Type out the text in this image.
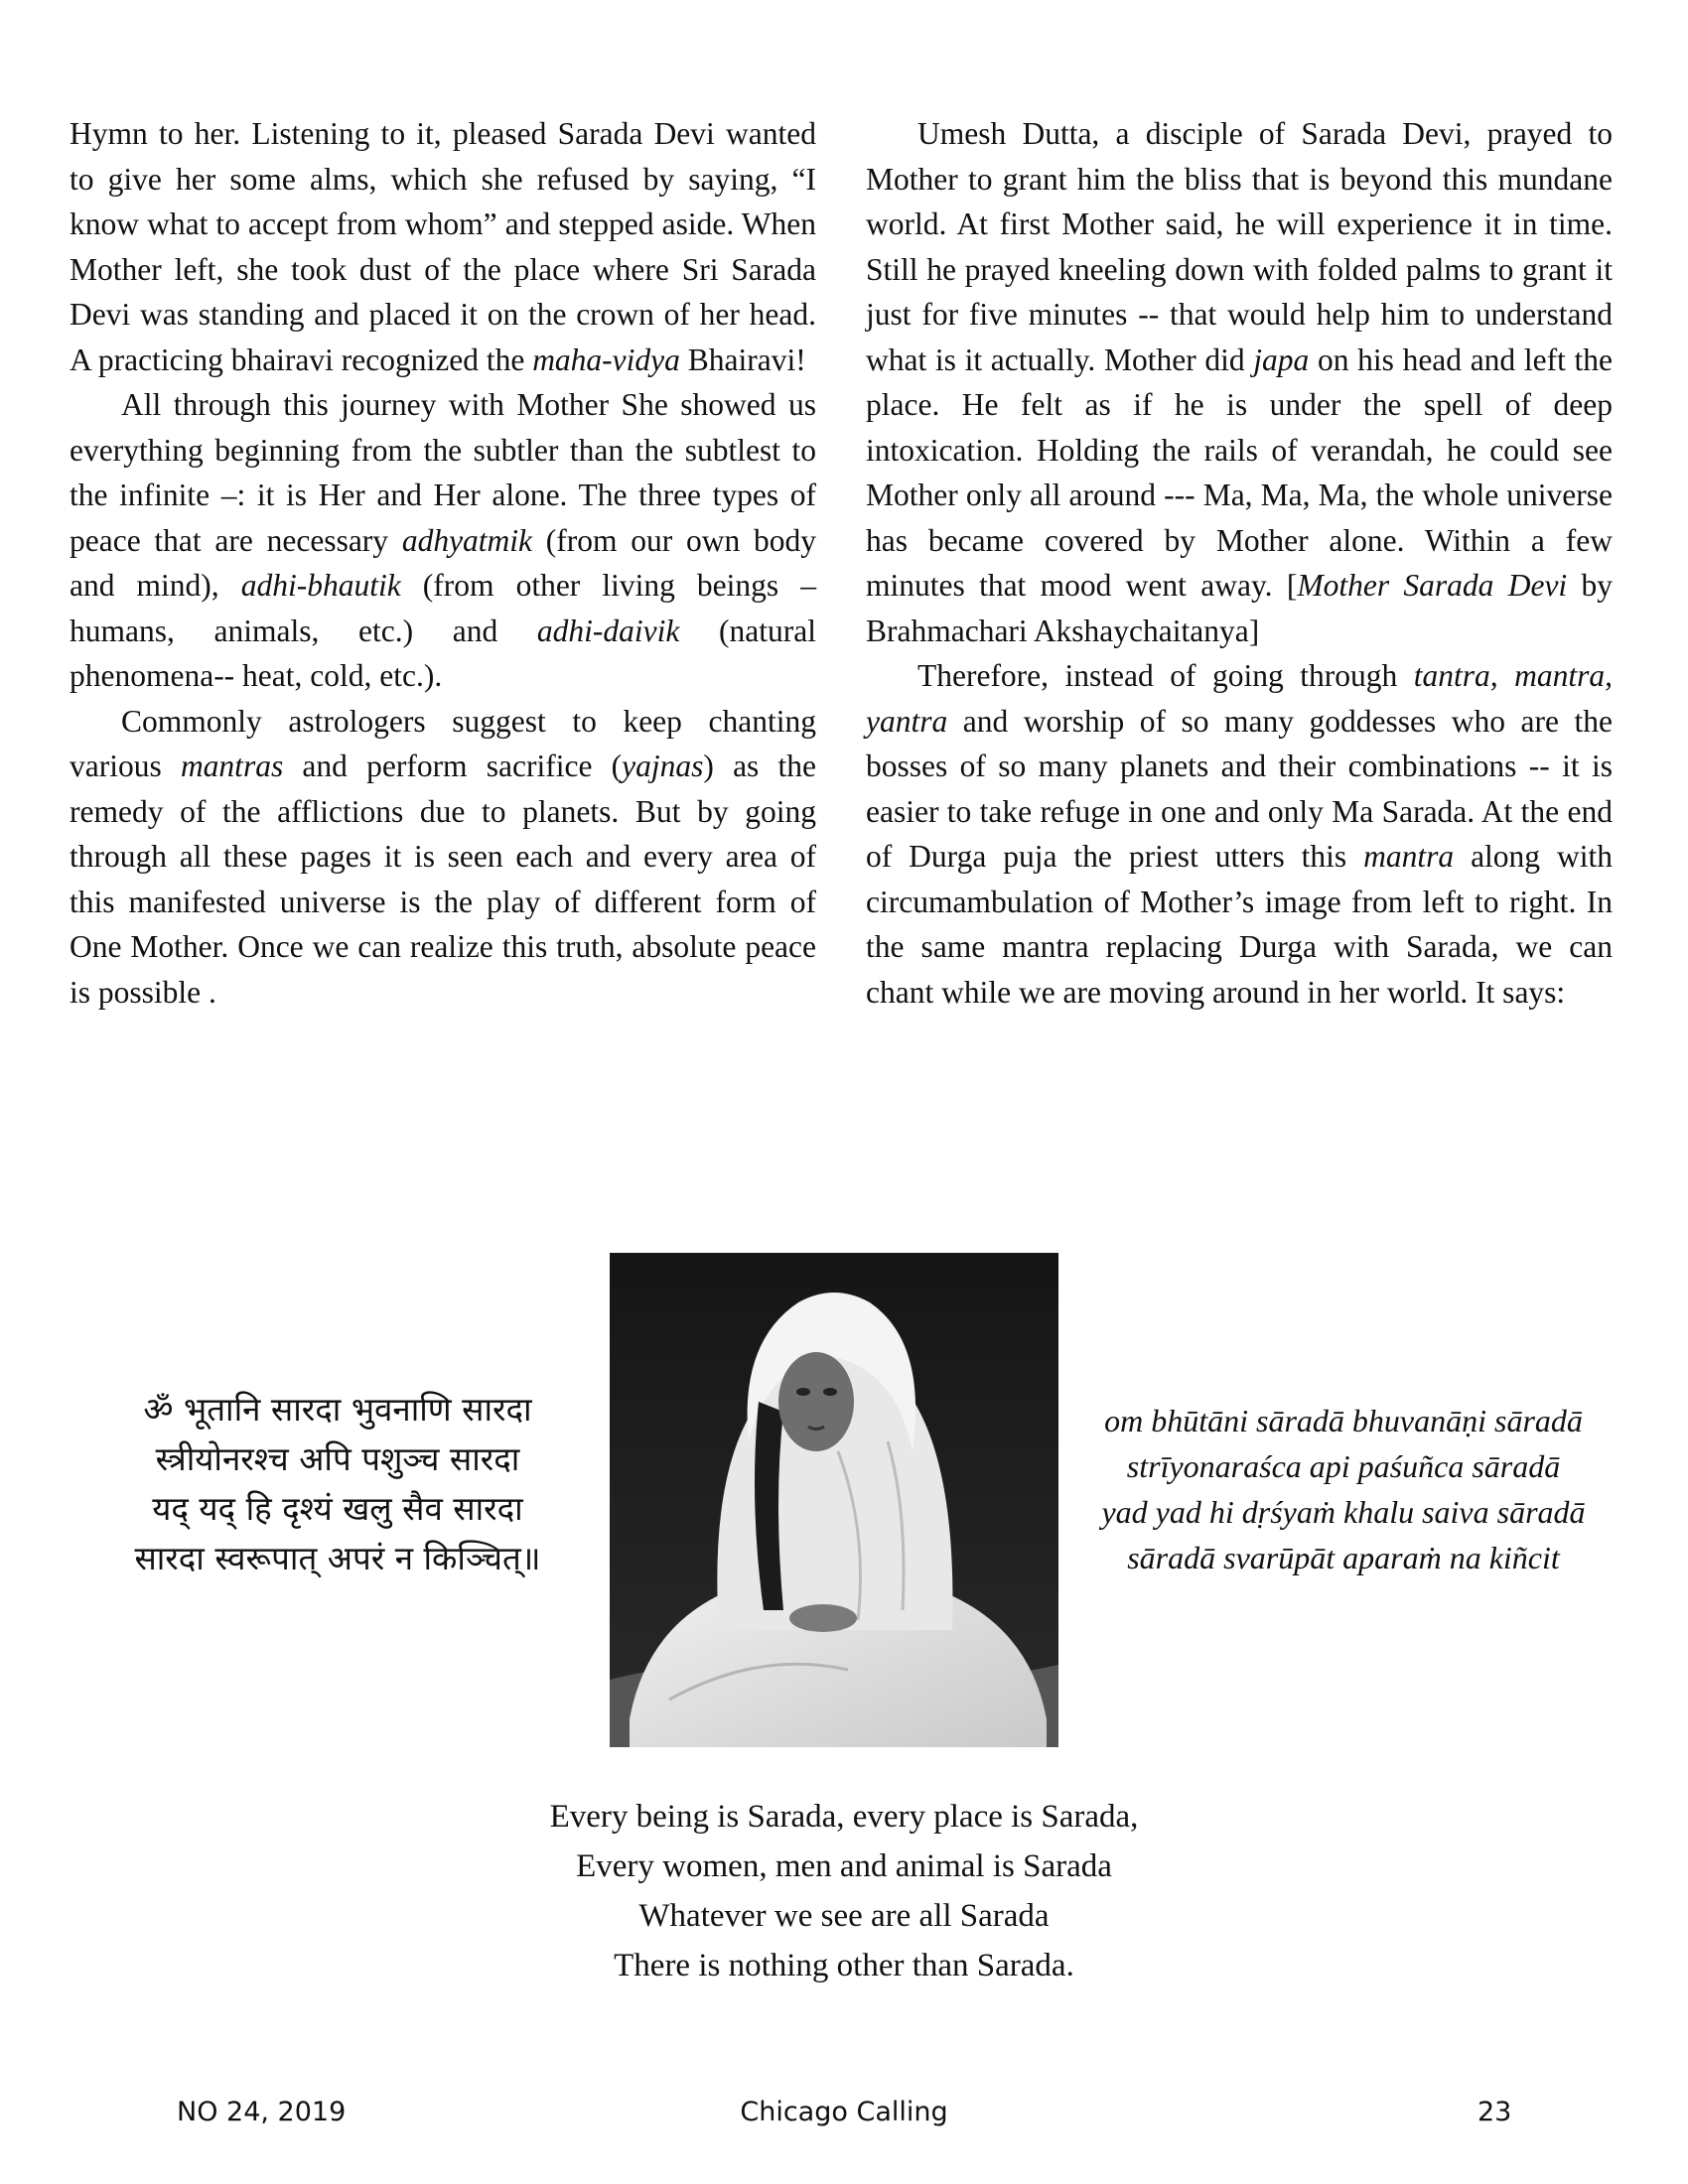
Hymn to her. Listening to it, pleased Sarada Devi wanted to give her some alms, which she refused by saying, “I know what to accept from whom” and stepped aside. When Mother left, she took dust of the place where Sri Sarada Devi was standing and placed it on the crown of her head. A practicing bhairavi recognized the maha-vidya Bhairavi!

All through this journey with Mother She showed us everything beginning from the subtler than the subtlest to the infinite –: it is Her and Her alone. The three types of peace that are necessary adhyatmik (from our own body and mind), adhi-bhautik (from other living beings – humans, animals, etc.) and adhi-daivik (natural phenomena-- heat, cold, etc.).

Commonly astrologers suggest to keep chanting various mantras and perform sacrifice (yajnas) as the remedy of the afflictions due to planets. But by going through all these pages it is seen each and every area of this manifested universe is the play of different form of One Mother. Once we can realize this truth, absolute peace is possible .

Umesh Dutta, a disciple of Sarada Devi, prayed to Mother to grant him the bliss that is beyond this mundane world. At first Mother said, he will experience it in time. Still he prayed kneeling down with folded palms to grant it just for five minutes -- that would help him to understand what is it actually. Mother did japa on his head and left the place. He felt as if he is under the spell of deep intoxication. Holding the rails of verandah, he could see Mother only all around --- Ma, Ma, Ma, the whole universe has became covered by Mother alone. Within a few minutes that mood went away. [Mother Sarada Devi by Brahmachari Akshaychaitanya]

Therefore, instead of going through tantra, mantra, yantra and worship of so many goddesses who are the bosses of so many planets and their combinations -- it is easier to take refuge in one and only Ma Sarada. At the end of Durga puja the priest utters this mantra along with circumambulation of Mother’s image from left to right. In the same mantra replacing Durga with Sarada, we can chant while we are moving around in her world. It says:

ॐ भूतानि सारदा भुवनाणि सारदा
स्त्रीयोनरश्च अपि पशुञ्च सारदा
यद् यद् हि दृश्यं खलु सैव सारदा
सारदा स्वरूपात् अपरं न किञ्चित्॥
om bhūtāni sāradā bhuvanāṇi sāradā
strīyonaraśca api paśuñca sāradā
yad yad hi dṛśyaṁ khalu saiva sāradā
sāradā svarūpāt aparaṁ na kiñcit
Every being is Sarada, every place is Sarada,
Every women, men and animal is Sarada
Whatever we see are all Sarada
There is nothing other than Sarada.
NO 24, 2019	Chicago Calling	23
